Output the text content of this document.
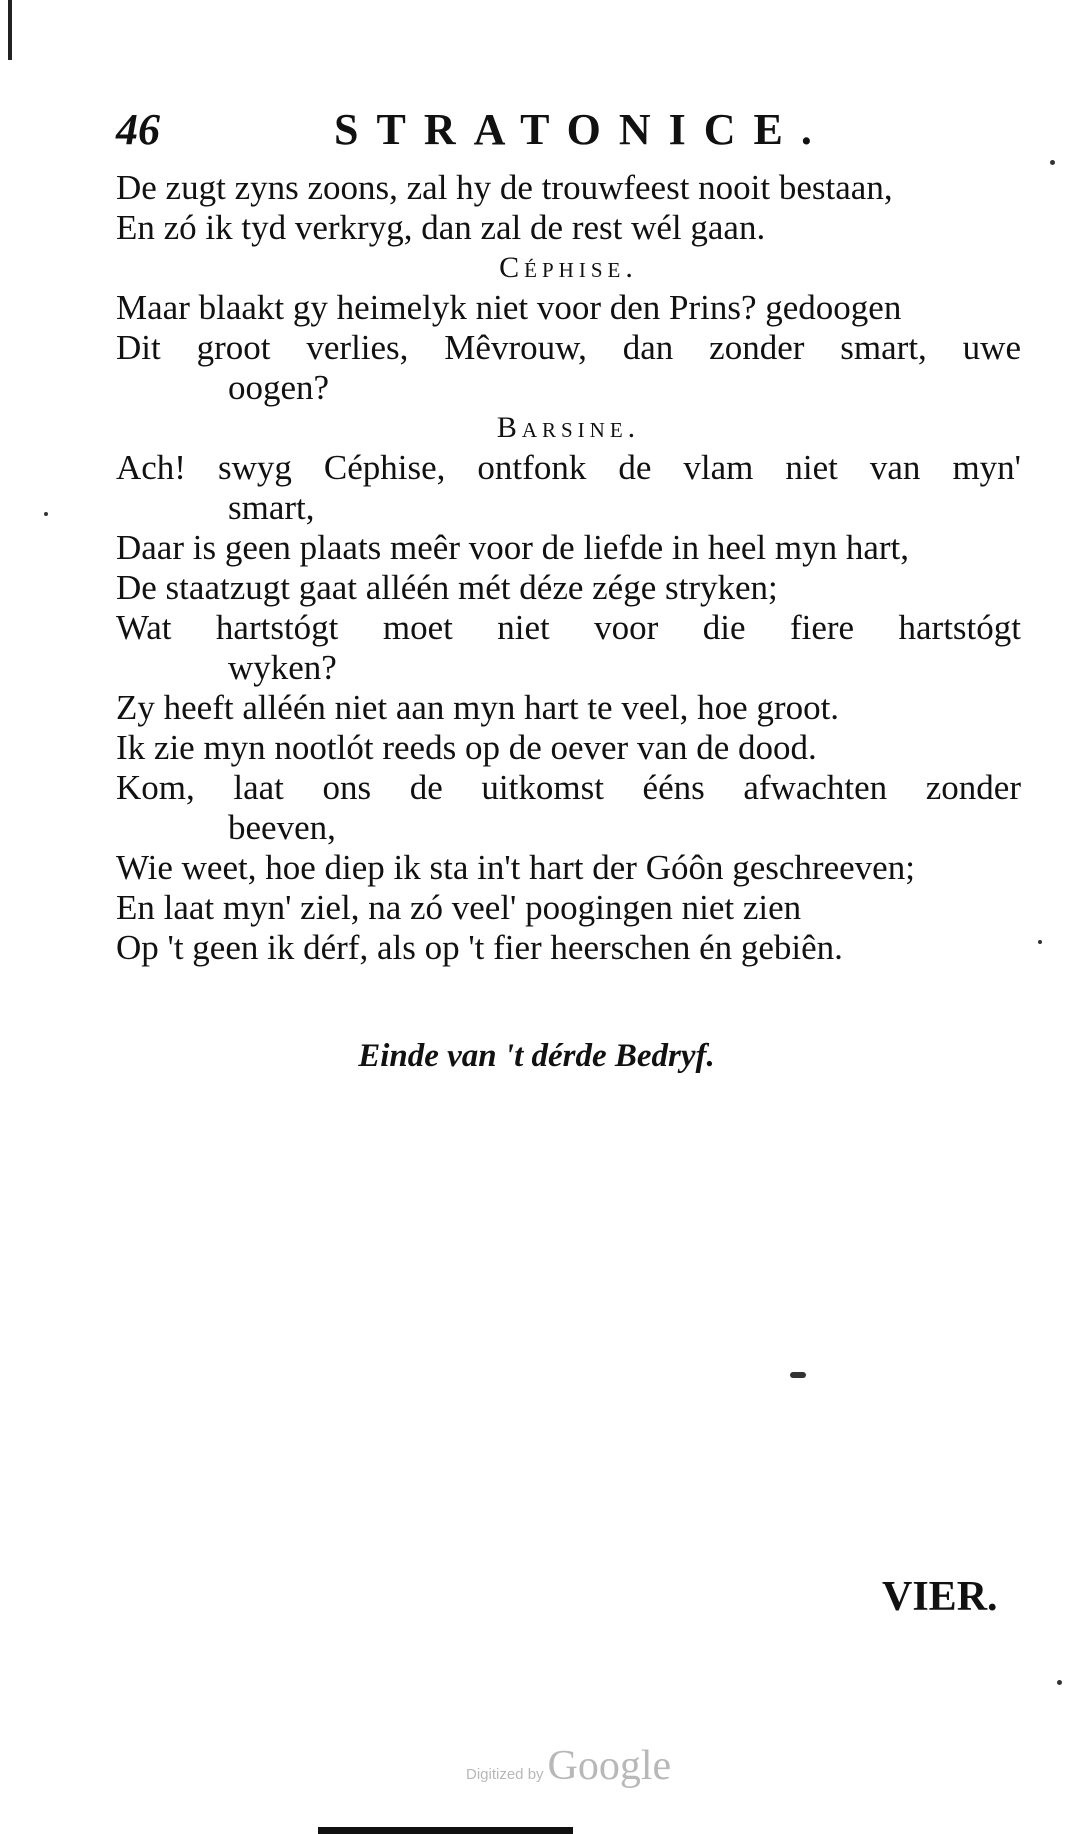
46	STRATONICE.
De zugt zyns zoons, zal hy de trouwfeest nooit bestaan,
En zó ik tyd verkryg, dan zal de rest wél gaan.
Céphise.
Maar blaakt gy heimelyk niet voor den Prins? gedoogen
Dit groot verlies, Mêvrouw, dan zonder smart, uwe
oogen?
Barsine.
Ach! swyg Céphise, ontfonk de vlam niet van myn'
smart,
Daar is geen plaats meêr voor de liefde in heel myn hart,
De staatzugt gaat alléén mét déze zége stryken;
Wat hartstógt moet niet voor die fiere hartstógt
wyken?
Zy heeft alléén niet aan myn hart te veel, hoe groot.
Ik zie myn nootlót reeds op de oever van de dood.
Kom, laat ons de uitkomst ééns afwachten zonder
beeven,
Wie weet, hoe diep ik sta in't hart der Góôn geschreeven;
En laat myn' ziel, na zó veel' poogingen niet zien
Op 't geen ik dérf, als op 't fier heerschen én gebiên.
Einde van 't dérde Bedryf.
VIER.
Digitized byGoogle
